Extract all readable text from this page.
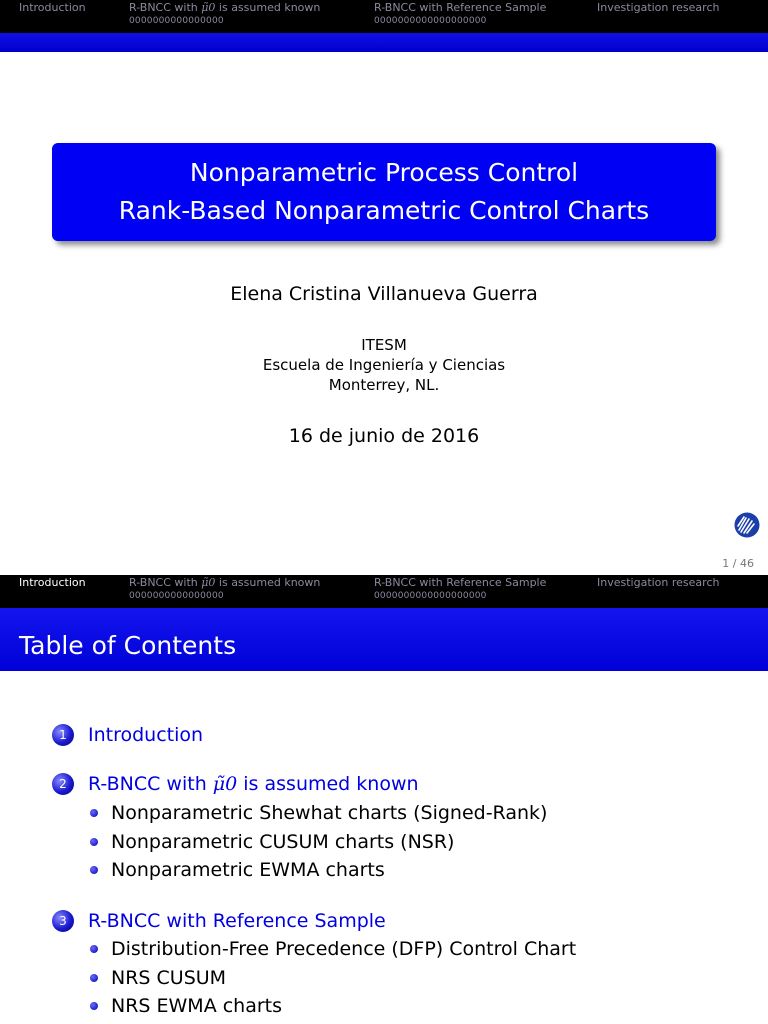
Introduction	R-BNCC with μ̃0 is assumed known	R-BNCC with Reference Sample	Investigation research
0000000000000000	0000000000000000000
Nonparametric Process Control
Rank-Based Nonparametric Control Charts
Elena Cristina Villanueva Guerra
ITESM
Escuela de Ingeniería y Ciencias
Monterrey, NL.
16 de junio de 2016
1 / 46
Introduction	R-BNCC with μ̃0 is assumed known	R-BNCC with Reference Sample	Investigation research
0000000000000000	0000000000000000000
Table of Contents
1	Introduction
2	R-BNCC with μ̃0 is assumed known
Nonparametric Shewhat charts (Signed-Rank)
Nonparametric CUSUM charts (NSR)
Nonparametric EWMA charts
3	R-BNCC with Reference Sample
Distribution-Free Precedence (DFP) Control Chart
NRS CUSUM
NRS EWMA charts
